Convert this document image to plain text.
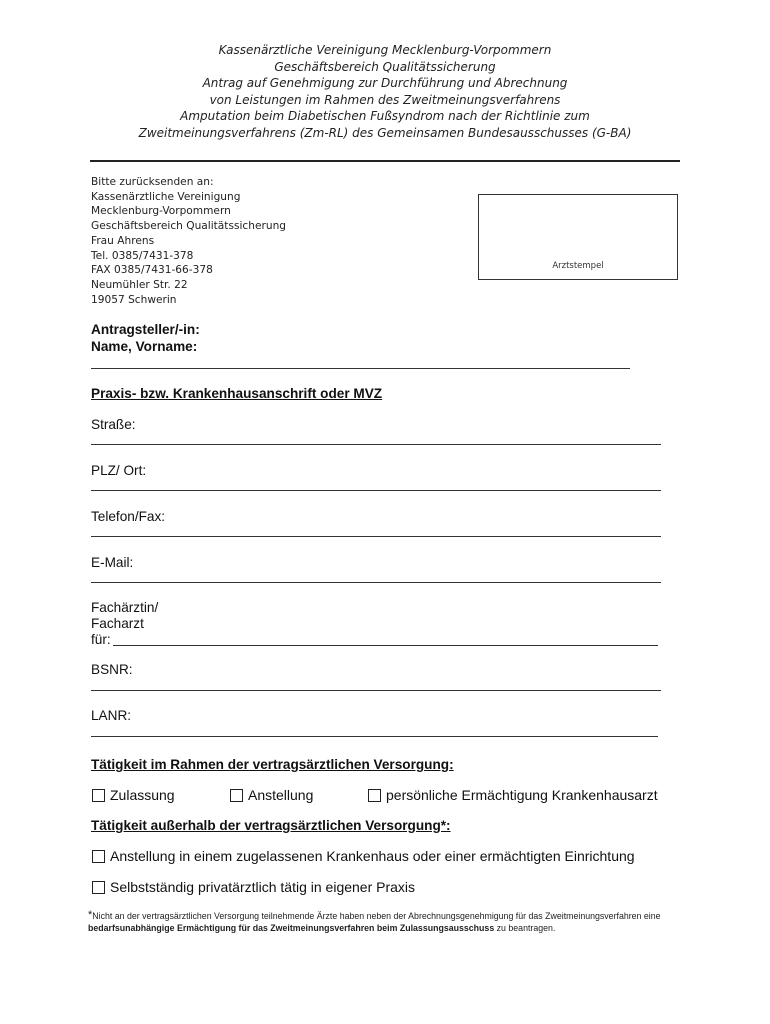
Kassenärztliche Vereinigung Mecklenburg-Vorpommern
Geschäftsbereich Qualitätssicherung
Antrag auf Genehmigung zur Durchführung und Abrechnung
von Leistungen im Rahmen des Zweitmeinungsverfahrens
Amputation beim Diabetischen Fußsyndrom nach der Richtlinie zum
Zweitmeinungsverfahrens (Zm-RL) des Gemeinsamen Bundesausschusses (G-BA)
Bitte zurücksenden an:
Kassenärztliche Vereinigung
Mecklenburg-Vorpommern
Geschäftsbereich Qualitätssicherung
Frau Ahrens
Tel. 0385/7431-378
FAX 0385/7431-66-378
Neumühler Str. 22
19057 Schwerin
Arztstempel
Antragsteller/-in:
Name, Vorname:
Praxis- bzw. Krankenhausanschrift oder MVZ
Straße:
PLZ/ Ort:
Telefon/Fax:
E-Mail:
Fachärztin/
Facharzt
für:
BSNR:
LANR:
Tätigkeit im Rahmen der vertragsärztlichen Versorgung:
Zulassung	Anstellung	persönliche Ermächtigung Krankenhausarzt
Tätigkeit außerhalb der vertragsärztlichen Versorgung*:
Anstellung in einem zugelassenen Krankenhaus oder einer ermächtigten Einrichtung
Selbstständig privatärztlich tätig in eigener Praxis
*Nicht an der vertragsärztlichen Versorgung teilnehmende Ärzte haben neben der Abrechnungsgenehmigung für das Zweitmeinungsverfahren eine bedarfsunabhängige Ermächtigung für das Zweitmeinungsverfahren beim Zulassungsausschuss zu beantragen.
